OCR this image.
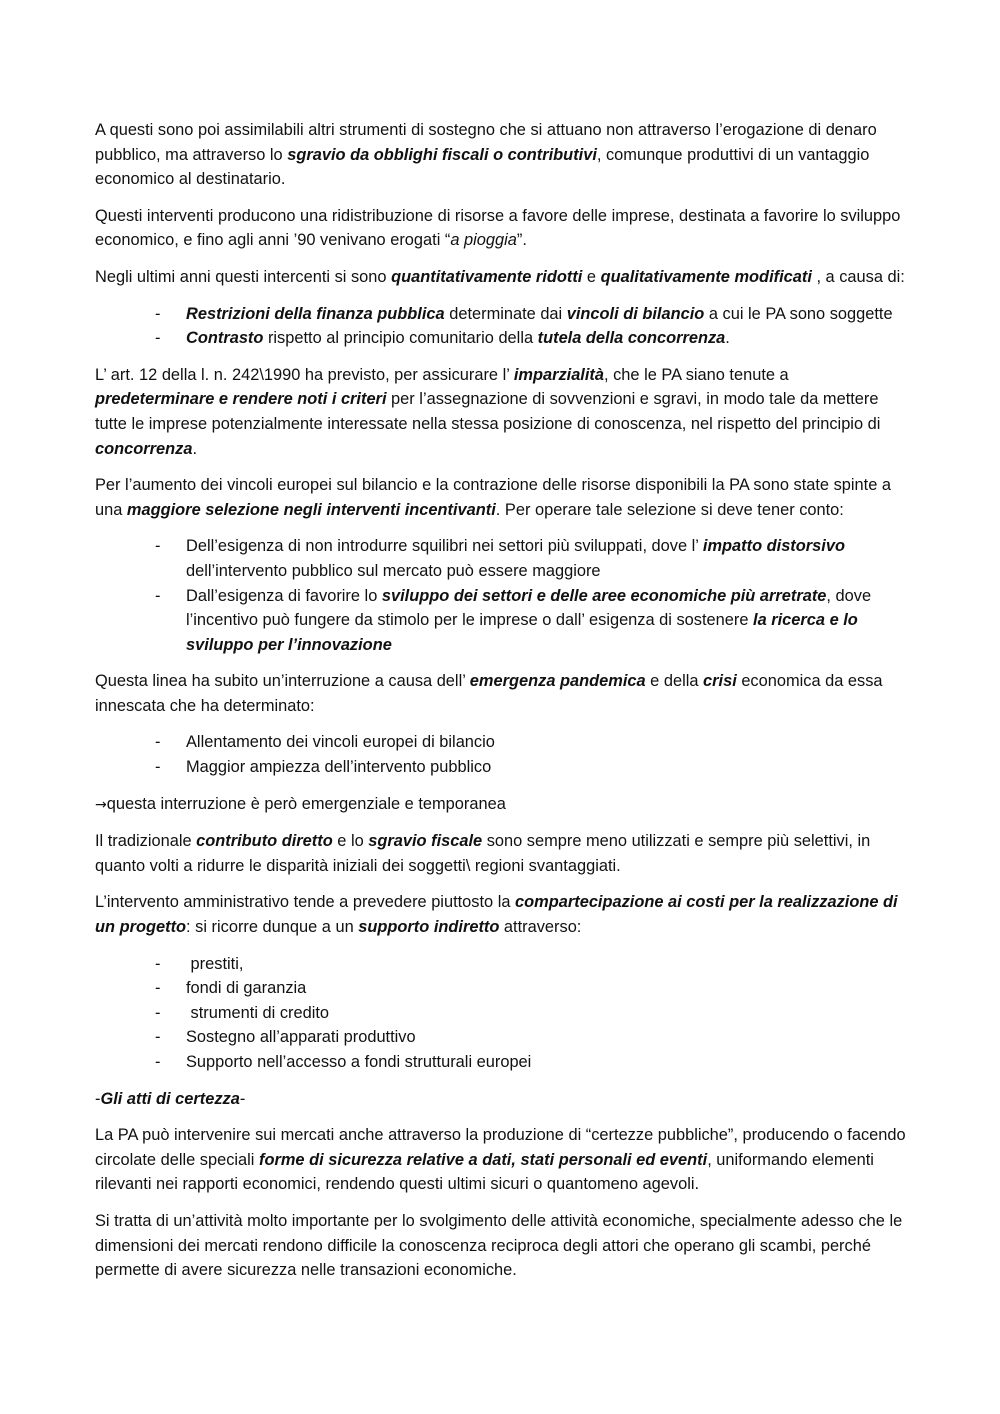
A questi sono poi assimilabili altri strumenti di sostegno che si attuano non attraverso l’erogazione di denaro pubblico, ma attraverso lo sgravio da obblighi fiscali o contributivi, comunque produttivi di un vantaggio economico al destinatario.

Questi interventi producono una ridistribuzione di risorse a favore delle imprese, destinata a favorire lo sviluppo economico, e fino agli anni ’90 venivano erogati “a pioggia”.

Negli ultimi anni questi intercenti si sono quantitativamente ridotti e qualitativamente modificati , a causa di:

- Restrizioni della finanza pubblica determinate dai vincoli di bilancio a cui le PA sono soggette
- Contrasto rispetto al principio comunitario della tutela della concorrenza.

L’ art. 12 della l. n. 242\1990 ha previsto, per assicurare l’ imparzialità, che le PA siano tenute a predeterminare e rendere noti i criteri per l’assegnazione di sovvenzioni e sgravi, in modo tale da mettere tutte le imprese potenzialmente interessate nella stessa posizione di conoscenza, nel rispetto del principio di concorrenza.

Per l’aumento dei vincoli europei sul bilancio e la contrazione delle risorse disponibili la PA sono state spinte a una maggiore selezione negli interventi incentivanti. Per operare tale selezione si deve tener conto:

- Dell’esigenza di non introdurre squilibri nei settori più sviluppati, dove l’ impatto distorsivo dell’intervento pubblico sul mercato può essere maggiore
- Dall’esigenza di favorire lo sviluppo dei settori e delle aree economiche più arretrate, dove l’incentivo può fungere da stimolo per le imprese o dall’ esigenza di sostenere la ricerca e lo sviluppo per l’innovazione

Questa linea ha subito un’interruzione a causa dell’ emergenza pandemica e della crisi economica da essa innescata che ha determinato:

- Allentamento dei vincoli europei di bilancio
- Maggior ampiezza dell’intervento pubblico

→questa interruzione è però emergenziale e temporanea

Il tradizionale contributo diretto e lo sgravio fiscale sono sempre meno utilizzati e sempre più selettivi, in quanto volti a ridurre le disparità iniziali dei soggetti\ regioni svantaggiati.

L’intervento amministrativo tende a prevedere piuttosto la compartecipazione ai costi per la realizzazione di un progetto: si ricorre dunque a un supporto indiretto attraverso:

- prestiti,
- fondi di garanzia
- strumenti di credito
- Sostegno all’apparati produttivo
- Supporto nell’accesso a fondi strutturali europei

-Gli atti di certezza-

La PA può intervenire sui mercati anche attraverso la produzione di “certezze pubbliche”, producendo o facendo circolate delle speciali forme di sicurezza relative a dati, stati personali ed eventi, uniformando elementi rilevanti nei rapporti economici, rendendo questi ultimi sicuri o quantomeno agevoli.

Si tratta di un’attività molto importante per lo svolgimento delle attività economiche, specialmente adesso che le dimensioni dei mercati rendono difficile la conoscenza reciproca degli attori che operano gli scambi, perché permette di avere sicurezza nelle transazioni economiche.
